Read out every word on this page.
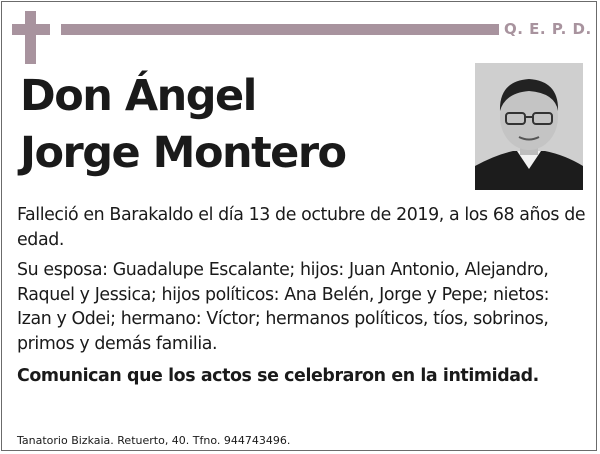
Q. E. P. D.
Don Ángel
Jorge Montero

Falleció en Barakaldo el día 13 de octubre de 2019, a los 68 años de edad.

Su esposa: Guadalupe Escalante; hijos: Juan Antonio, Alejandro, Raquel y Jessica; hijos políticos: Ana Belén, Jorge y Pepe; nietos: Izan y Odei; hermano: Víctor; hermanos políticos, tíos, sobrinos, primos y demás familia.

Comunican que los actos se celebraron en la intimidad.

Tanatorio Bizkaia. Retuerto, 40. Tfno. 944743496.
